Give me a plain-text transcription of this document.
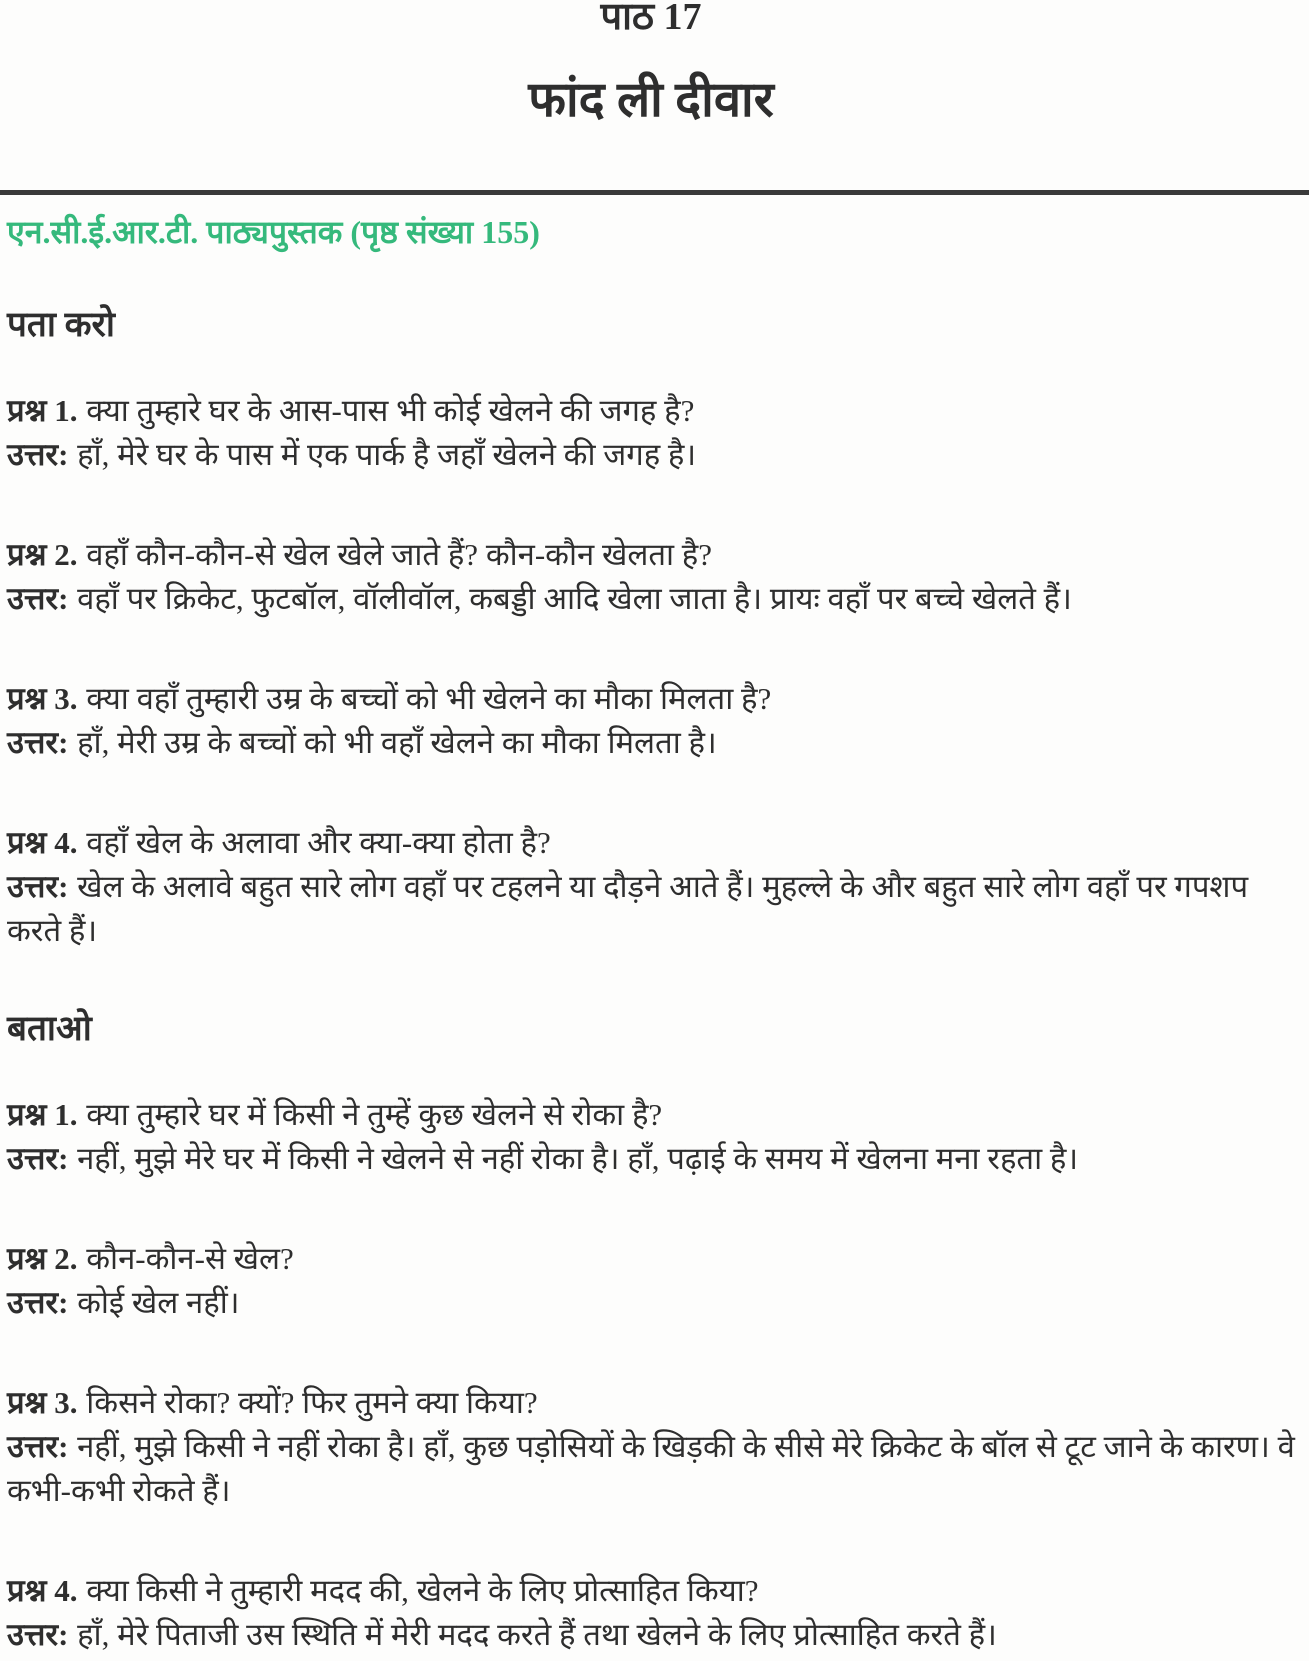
पाठ 17
फांद ली दीवार
एन.सी.ई.आर.टी. पाठ्यपुस्तक (पृष्ठ संख्या 155)
पता करो

प्रश्न 1. क्या तुम्हारे घर के आस-पास भी कोई खेलने की जगह है?

उत्तर: हाँ, मेरे घर के पास में एक पार्क है जहाँ खेलने की जगह है।

प्रश्न 2. वहाँ कौन-कौन-से खेल खेले जाते हैं? कौन-कौन खेलता है?

उत्तर: वहाँ पर क्रिकेट, फुटबॉल, वॉलीवॉल, कबड्डी आदि खेला जाता है। प्रायः वहाँ पर बच्चे खेलते हैं।

प्रश्न 3. क्या वहाँ तुम्हारी उम्र के बच्चों को भी खेलने का मौका मिलता है?

उत्तर: हाँ, मेरी उम्र के बच्चों को भी वहाँ खेलने का मौका मिलता है।

प्रश्न 4. वहाँ खेल के अलावा और क्या-क्या होता है?

उत्तर: खेल के अलावे बहुत सारे लोग वहाँ पर टहलने या दौड़ने आते हैं। मुहल्ले के और बहुत सारे लोग वहाँ पर गपशप करते हैं।

बताओ

प्रश्न 1. क्या तुम्हारे घर में किसी ने तुम्हें कुछ खेलने से रोका है?

उत्तर: नहीं, मुझे मेरे घर में किसी ने खेलने से नहीं रोका है। हाँ, पढ़ाई के समय में खेलना मना रहता है।

प्रश्न 2. कौन-कौन-से खेल?

उत्तर: कोई खेल नहीं।

प्रश्न 3. किसने रोका? क्यों? फिर तुमने क्या किया?

उत्तर: नहीं, मुझे किसी ने नहीं रोका है। हाँ, कुछ पड़ोसियों के खिड़की के सीसे मेरे क्रिकेट के बॉल से टूट जाने के कारण। वे कभी-कभी रोकते हैं।

प्रश्न 4. क्या किसी ने तुम्हारी मदद की, खेलने के लिए प्रोत्साहित किया?

उत्तर: हाँ, मेरे पिताजी उस स्थिति में मेरी मदद करते हैं तथा खेलने के लिए प्रोत्साहित करते हैं।
